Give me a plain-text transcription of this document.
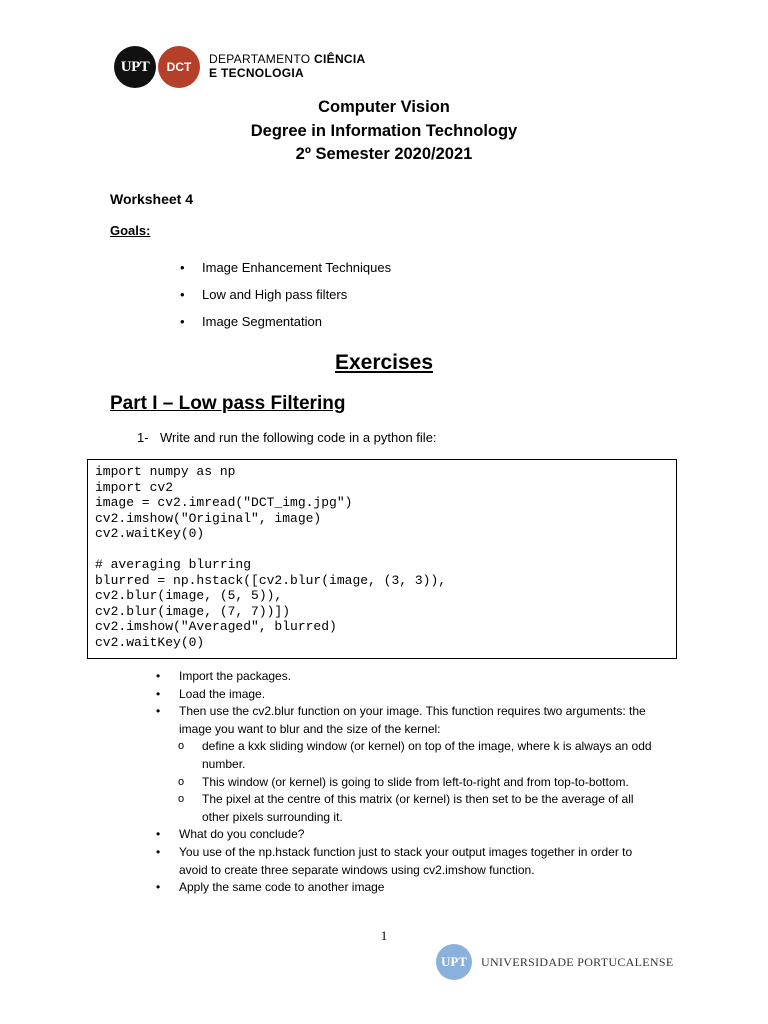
UPT DCT
DEPARTAMENTO CIÊNCIA
E TECNOLOGIA
Computer Vision
Degree in Information Technology
2º Semester 2020/2021
Worksheet 4
Goals:
• Image Enhancement Techniques
• Low and High pass filters
• Image Segmentation
Exercises
Part I – Low pass Filtering
1- Write and run the following code in a python file:
import numpy as np
import cv2
image = cv2.imread("DCT_img.jpg")
cv2.imshow("Original", image)
cv2.waitKey(0)
# averaging blurring
blurred = np.hstack([cv2.blur(image, (3, 3)),
cv2.blur(image, (5, 5)),
cv2.blur(image, (7, 7))])
cv2.imshow("Averaged", blurred)
cv2.waitKey(0)
• Import the packages.
• Load the image.
• Then use the cv2.blur function on your image. This function requires two arguments: the image you want to blur and the size of the kernel:
o define a kxk sliding window (or kernel) on top of the image, where k is always an odd number.
o This window (or kernel) is going to slide from left-to-right and from top-to-bottom.
o The pixel at the centre of this matrix (or kernel) is then set to be the average of all other pixels surrounding it.
• What do you conclude?
• You use of the np.hstack function just to stack your output images together in order to avoid to create three separate windows using cv2.imshow function.
• Apply the same code to another image
1
UPT UNIVERSIDADE PORTUCALENSE
